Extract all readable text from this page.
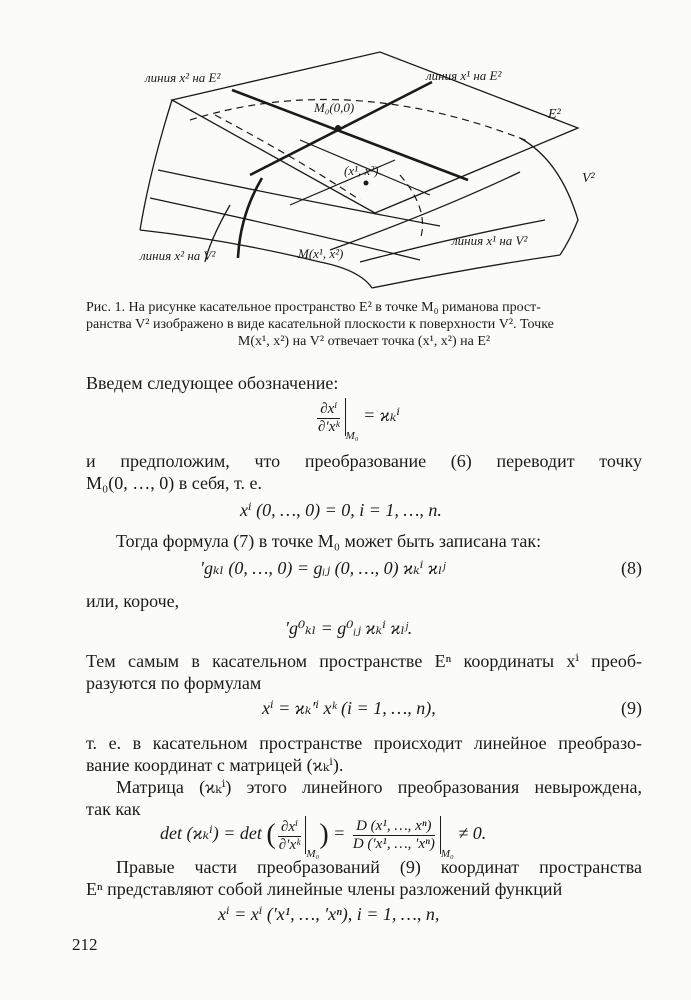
линия x² на E²	линия x¹ на E²
E²
V²
M₀(0,0)
(x¹, x²)
M(x¹, x²)
линия x² на V²
линия x¹ на V²
Рис. 1. На рисунке касательное пространство E² в точке M₀ риманова прост-
ранства V² изображено в виде касательной плоскости к поверхности V². Точке
M(x¹, x²) на V² отвечает точка (x¹, x²) на E²
Введем следующее обозначение:
$\frac{\text{∂xⁱ}}{\text{∂′xᵏ}}$
$_{M_0}$ = ϰₖⁱ
и предположим, что преобразование (6) переводит точку
M₀(0, …, 0) в себя, т. е.
xⁱ (0, …, 0) = 0, i = 1, …, n.
Тогда формула (7) в точке M₀ может быть записана так:
′gₖₗ (0, …, 0) = gᵢⱼ (0, …, 0) ϰₖⁱ ϰₗʲ	(8)
или, короче,
′g⁰ₖₗ = g⁰ᵢⱼ ϰₖⁱ ϰₗʲ.
Тем самым в касательном пространстве Eⁿ координаты xⁱ преоб-
разуются по формулам
xⁱ = ϰₖ′ⁱ xᵏ (i = 1, …, n),	(9)
т. е. в касательном пространстве происходит линейное преобразо-
вание координат с матрицей (ϰₖⁱ).
Матрица (ϰₖⁱ) этого линейного преобразования невырождена,
так как
det (ϰₖⁱ) = det ( $\frac{\text{∂xⁱ}}{\text{∂′xᵏ}}$
$_{M_0}) = \frac{\text{D (x¹, …, xⁿ)}}{\text{D (′x¹, …, ′xⁿ)}}$
$_{M_0}$ ≠ 0.
Правые части преобразований (9) координат пространства
Eⁿ представляют собой линейные члены разложений функций
xⁱ = xⁱ (′x¹, …, ′xⁿ), i = 1, …, n,
212
